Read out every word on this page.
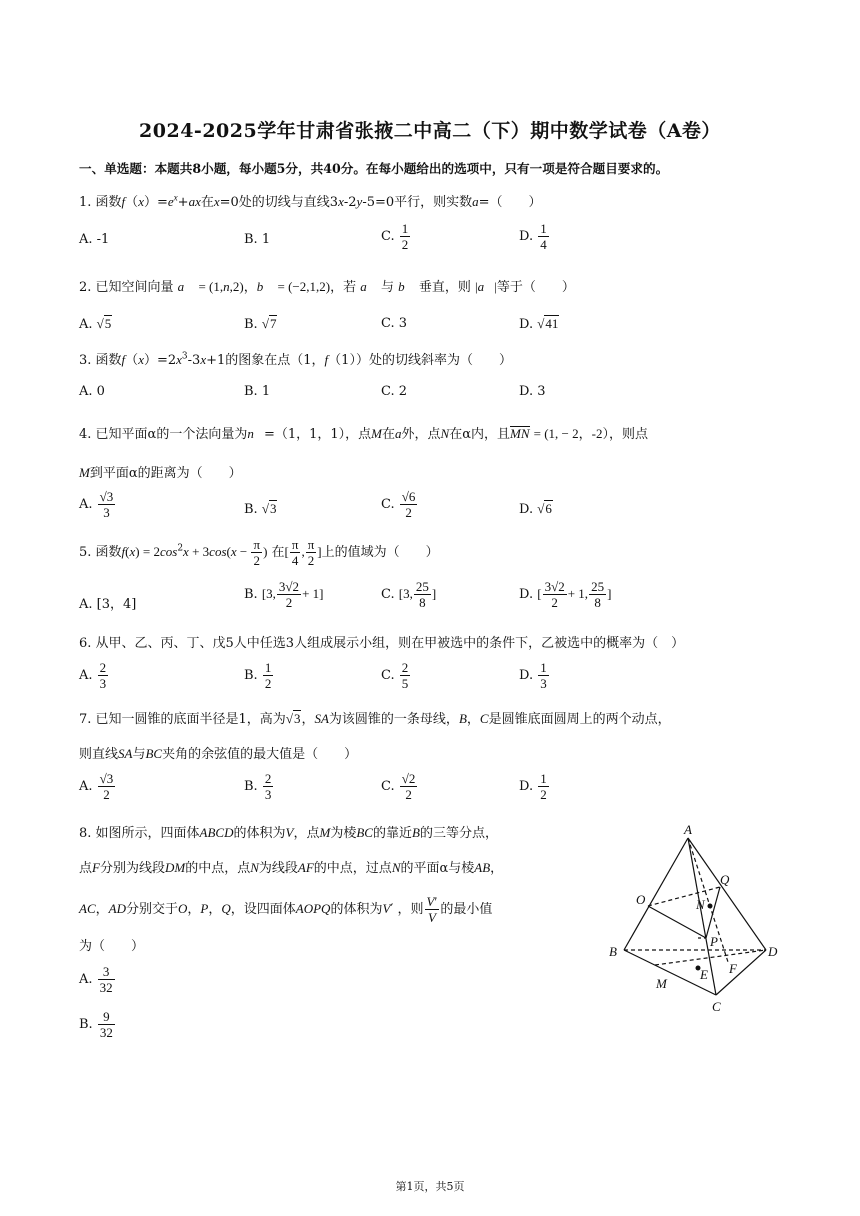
2024-2025学年甘肃省张掖二中高二（下）期中数学试卷（A卷）
一、单选题：本题共8小题，每小题5分，共40分。在每小题给出的选项中，只有一项是符合题目要求的。
1. 函数$f(x)=e^x+ax$在x=0处的切线与直线3x-2y-5=0平行，则实数a=（　　）
A. -1	B. 1	C. $\frac{1}{2}$	D. $\frac{1}{4}$
2. 已知空间向量 a⃗ = (1,n,2)，b⃗ = (−2,1,2)，若 a⃗ 与 b⃗ 垂直，则 |a⃗|等于（　　）
A. √5	B. √7	C. 3	D. √41
3. 函数$f(x)=2x^3-3x+1$的图象在点（1，f（1））处的切线斜率为（　　）
A. 0	B. 1	C. 2	D. 3
4. 已知平面α的一个法向量为n⃗=（1，1，1），点M在a外，点N在α内，且MN = (1, − 2，-2），则点
M到平面α的距离为（　　）
A. $\frac{√3}{3}$	B. √3	C. $\frac{√6}{2}$	D. √6
5. 函数$f(x) = 2\cos^2x + 3\cos(x - \frac{\pi}{2}$ ) 在[ $\frac{\pi}{4}$ , $\frac{\pi}{2}$ ]上的值域为（　　）
A. [3，4]
B. [3, $\frac{3√2}{2} + 1$]	C. [3, $\frac{25}{8}$ ]	D. [ $\frac{3√2}{2} + 1$, $\frac{25}{8}$ ]
6. 从甲、乙、丙、丁、戊5人中任选3人组成展示小组，则在甲被选中的条件下，乙被选中的概率为（　）
A. $\frac{2}{3}$	B. $\frac{1}{2}$	C. $\frac{2}{5}$	D. $\frac{1}{3}$
7. 已知一圆锥的底面半径是1，高为√3，SA为该圆锥的一条母线，B，C是圆锥底面圆周上的两个动点，
则直线SA与BC夹角的余弦值的最大值是（　　）
A. $\frac{√3}{2}$	B. $\frac{2}{3}$	C. $\frac{√2}{2}$	D. $\frac{1}{2}$
8. 如图所示，四面体ABCD的体积为V，点M为棱BC的靠近B的三等分点，
点F分别为线段DM的中点，点N为线段AF的中点，过点N的平面α与棱AB，
AC，AD分别交于O，P，Q，设四面体AOPQ的体积为V′ ，则 $\frac{V'}{V}$ 的最小值
为（　　）
A. $\frac{3}{32}$
B. $\frac{9}{32}$
A
Q
O	N
P
B	D
E F
M
C
第1页，共5页
